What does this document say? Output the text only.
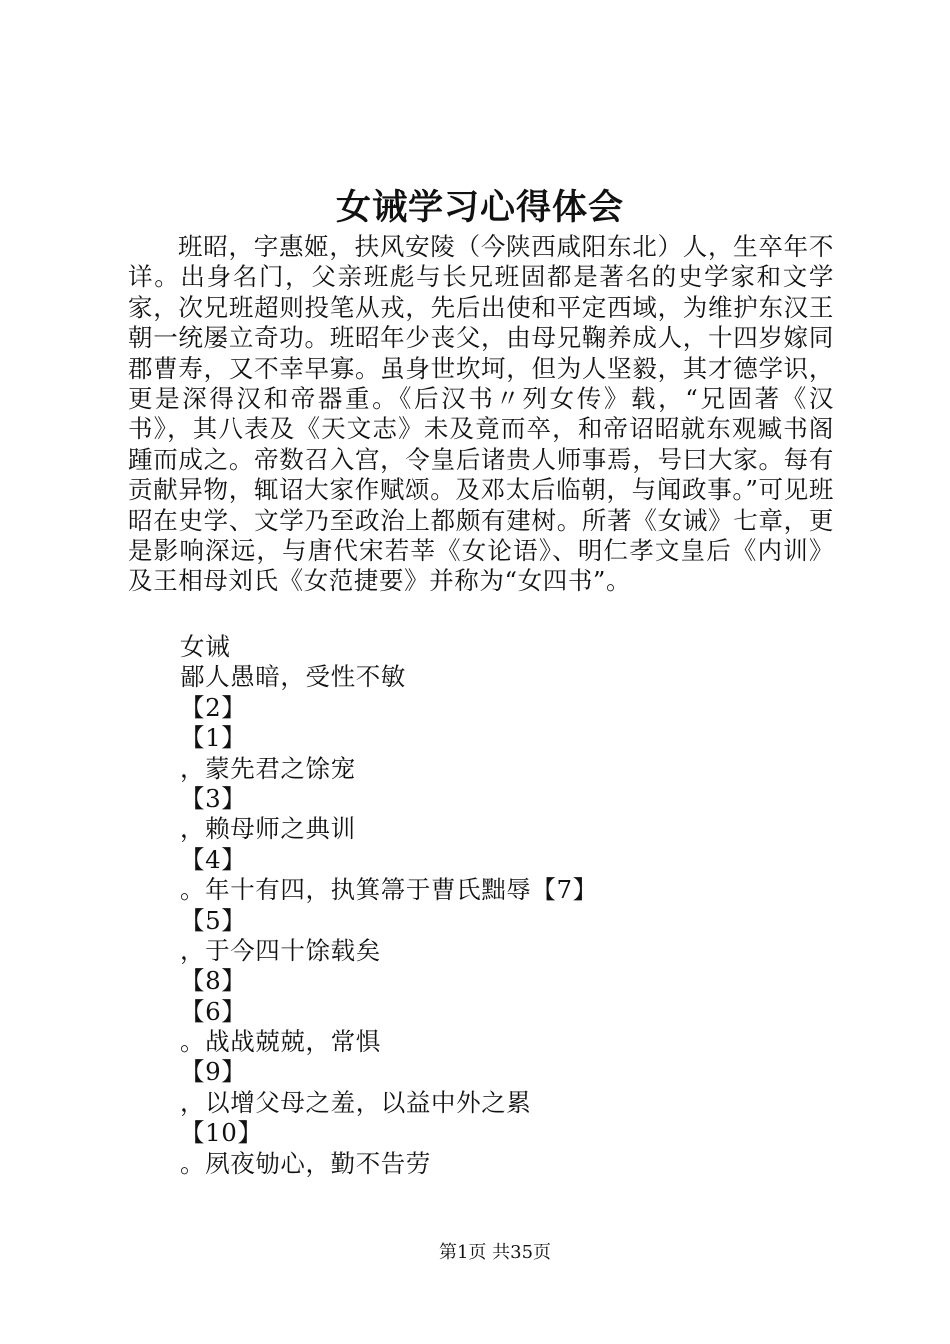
女诫学习心得体会

班昭，字惠姬，扶风安陵（今陕西咸阳东北）人，生卒年不详。出身名门，父亲班彪与长兄班固都是著名的史学家和文学家，次兄班超则投笔从戎，先后出使和平定西域，为维护东汉王朝一统屡立奇功。班昭年少丧父，由母兄鞠养成人，十四岁嫁同郡曹寿，又不幸早寡。虽身世坎坷，但为人坚毅，其才德学识，更是深得汉和帝器重。《后汉书〃列女传》载，“兄固著《汉书》，其八表及《天文志》未及竟而卒，和帝诏昭就东观臧书阁踵而成之。帝数召入宫，令皇后诸贵人师事焉，号曰大家。每有贡献异物，辄诏大家作赋颂。及邓太后临朝，与闻政事。”可见班昭在史学、文学乃至政治上都颇有建树。所著《女诫》七章，更是影响深远，与唐代宋若莘《女论语》、明仁孝文皇后《内训》及王相母刘氏《女范捷要》并称为“女四书”。

女诫
鄙人愚暗，受性不敏
【2】
【1】
，蒙先君之馀宠
【3】
，赖母师之典训
【4】
。年十有四，执箕箒于曹氏黜辱【7】
【5】
，于今四十馀载矣
【8】
【6】
。战战兢兢，常惧
【9】
，以增父母之羞，以益中外之累
【10】
。夙夜劬心，勤不告劳
第1页 共35页
